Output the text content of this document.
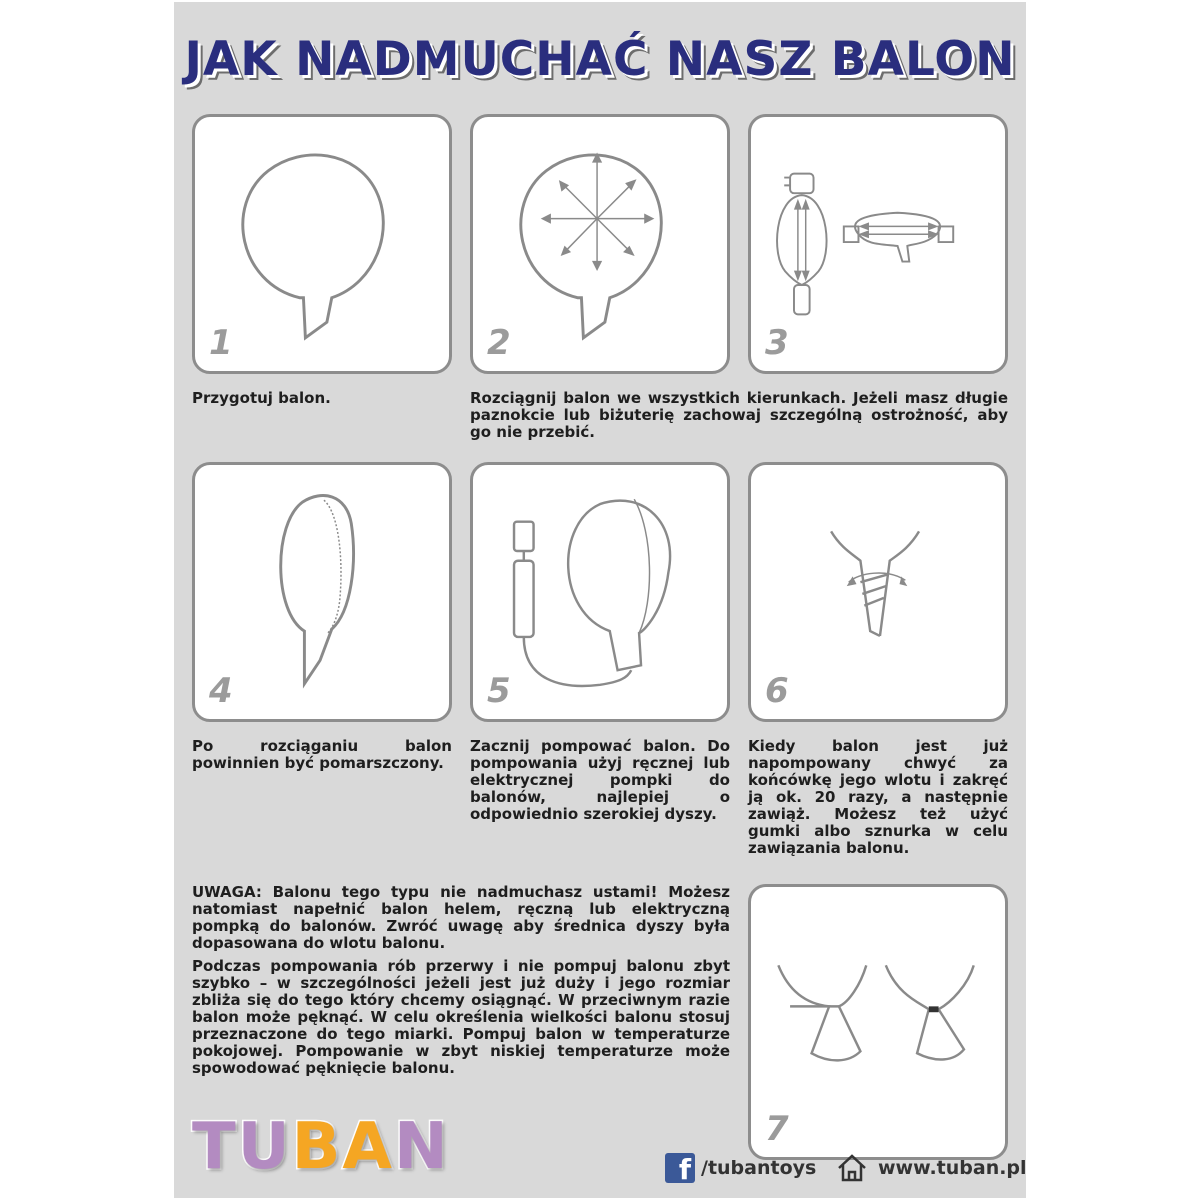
JAK NADMUCHAĆ NASZ BALON
1	2	3
Przygotuj balon.	Rozciągnij balon we wszystkich kierunkach. Jeżeli masz długie paznokcie lub biżuterię zachowaj szczególną ostrożność, aby go nie przebić.
4	5	6
Po rozciąganiu balon powinnien być pomarszczony.
Zacznij pompować balon. Do pompowania użyj ręcznej lub elektrycznej pompki do balonów, najlepiej o odpowiednio szerokiej dyszy.
Kiedy balon jest już napompowany chwyć za końcówkę jego wlotu i zakręć ją ok. 20 razy, a następnie zawiąż. Możesz też użyć gumki albo sznurka w celu zawiązania balonu.

UWAGA: Balonu tego typu nie nadmuchasz ustami! Możesz natomiast napełnić balon helem, ręczną lub elektryczną pompką do balonów. Zwróć uwagę aby średnica dyszy była dopasowana do wlotu balonu.

Podczas pompowania rób przerwy i nie pompuj balonu zbyt szybko – w szczególności jeżeli jest już duży i jego rozmiar zbliża się do tego który chcemy osiągnąć. W przeciwnym razie balon może pęknąć. W celu określenia wielkości balonu stosuj przeznaczone do tego miarki. Pompuj balon w temperaturze pokojowej. Pompowanie w zbyt niskiej temperaturze może spowodować pęknięcie balonu.

7
TUBAN	f /tubantoys	www.tuban.pl
